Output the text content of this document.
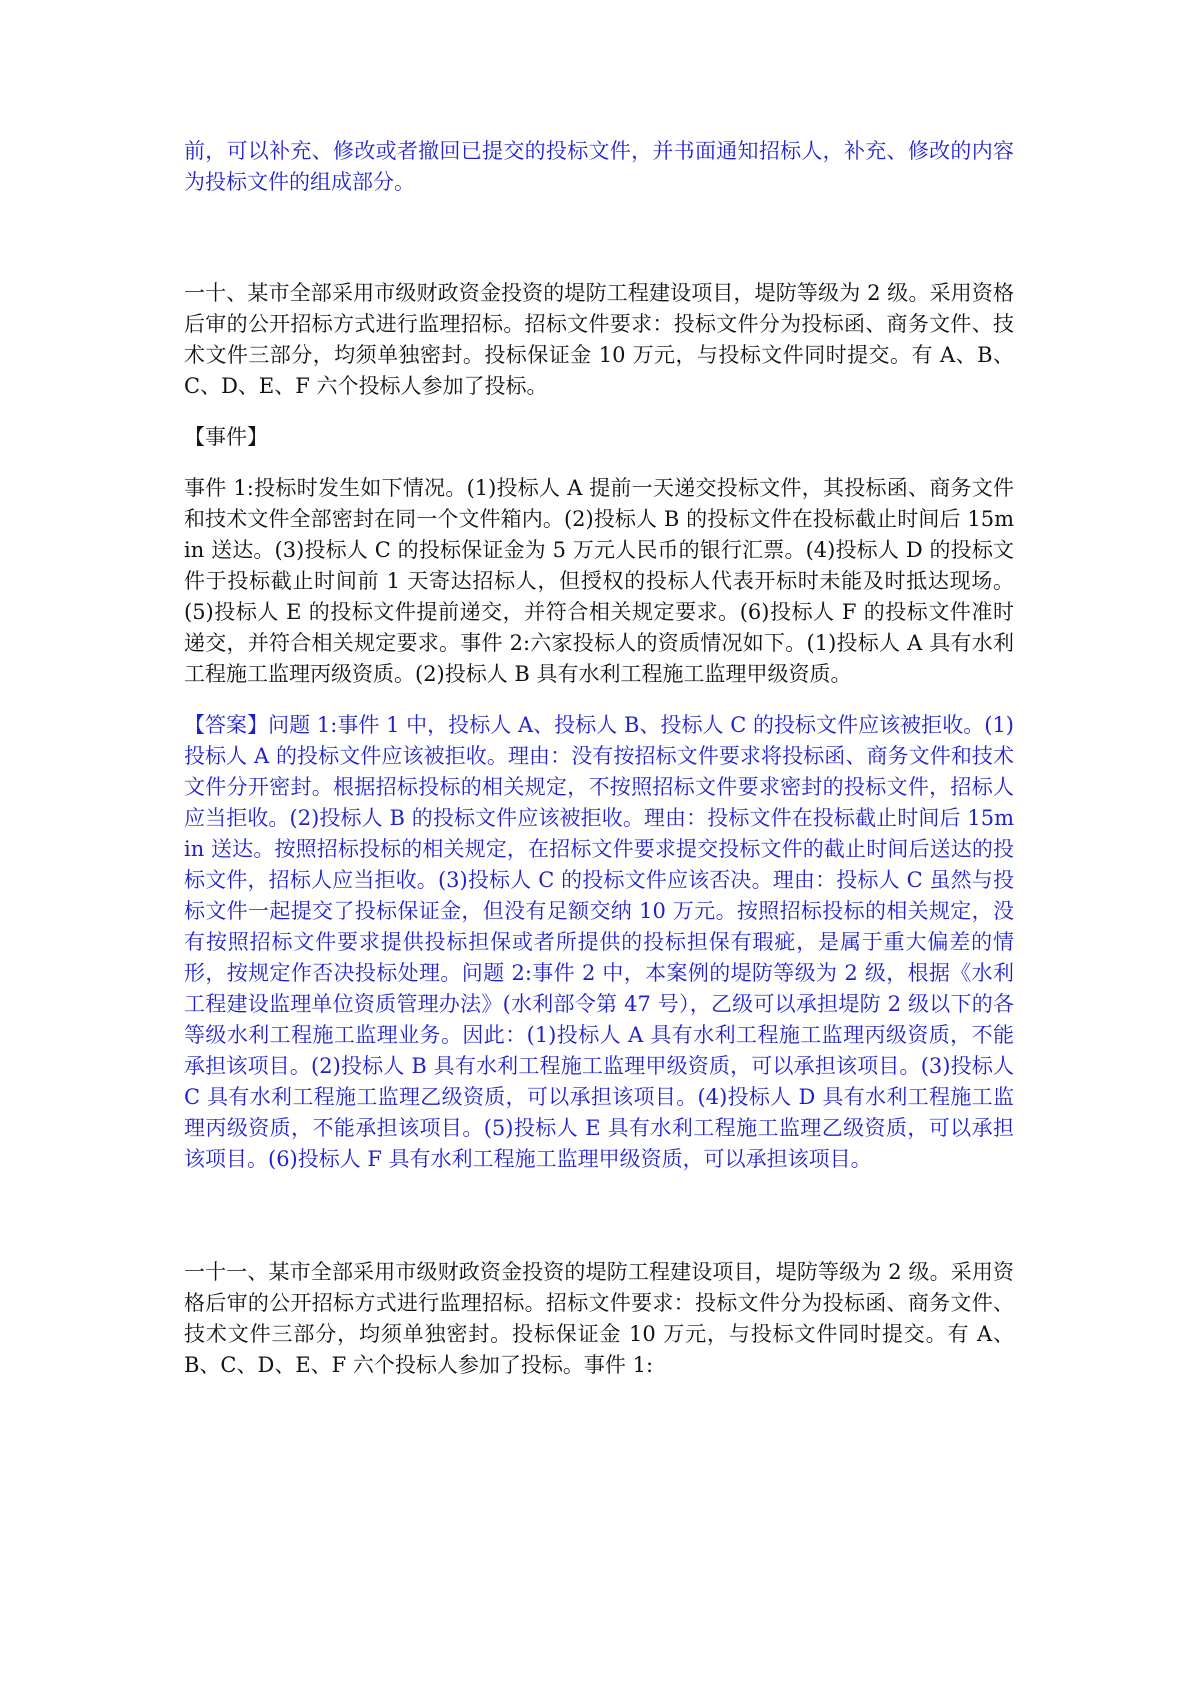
前，可以补充、修改或者撤回已提交的投标文件，并书面通知招标人，补充、修改的内容为投标文件的组成部分。

一十、某市全部采用市级财政资金投资的堤防工程建设项目，堤防等级为 2 级。采用资格后审的公开招标方式进行监理招标。招标文件要求：投标文件分为投标函、商务文件、技术文件三部分，均须单独密封。投标保证金 10 万元，与投标文件同时提交。有 A、B、C、D、E、F 六个投标人参加了投标。

【事件】

事件 1:投标时发生如下情况。(1)投标人 A 提前一天递交投标文件，其投标函、商务文件和技术文件全部密封在同一个文件箱内。(2)投标人 B 的投标文件在投标截止时间后 15min 送达。(3)投标人 C 的投标保证金为 5 万元人民币的银行汇票。(4)投标人 D 的投标文件于投标截止时间前 1 天寄达招标人，但授权的投标人代表开标时未能及时抵达现场。(5)投标人 E 的投标文件提前递交，并符合相关规定要求。(6)投标人 F 的投标文件准时递交，并符合相关规定要求。事件 2:六家投标人的资质情况如下。(1)投标人 A 具有水利工程施工监理丙级资质。(2)投标人 B 具有水利工程施工监理甲级资质。

【答案】问题 1:事件 1 中，投标人 A、投标人 B、投标人 C 的投标文件应该被拒收。(1)投标人 A 的投标文件应该被拒收。理由：没有按招标文件要求将投标函、商务文件和技术文件分开密封。根据招标投标的相关规定，不按照招标文件要求密封的投标文件，招标人应当拒收。(2)投标人 B 的投标文件应该被拒收。理由：投标文件在投标截止时间后 15min 送达。按照招标投标的相关规定，在招标文件要求提交投标文件的截止时间后送达的投标文件，招标人应当拒收。(3)投标人 C 的投标文件应该否决。理由：投标人 C 虽然与投标文件一起提交了投标保证金，但没有足额交纳 10 万元。按照招标投标的相关规定，没有按照招标文件要求提供投标担保或者所提供的投标担保有瑕疵，是属于重大偏差的情形，按规定作否决投标处理。问题 2:事件 2 中，本案例的堤防等级为 2 级，根据《水利工程建设监理单位资质管理办法》(水利部令第 47 号），乙级可以承担堤防 2 级以下的各等级水利工程施工监理业务。因此：(1)投标人 A 具有水利工程施工监理丙级资质，不能承担该项目。(2)投标人 B 具有水利工程施工监理甲级资质，可以承担该项目。(3)投标人 C 具有水利工程施工监理乙级资质，可以承担该项目。(4)投标人 D 具有水利工程施工监理丙级资质，不能承担该项目。(5)投标人 E 具有水利工程施工监理乙级资质，可以承担该项目。(6)投标人 F 具有水利工程施工监理甲级资质，可以承担该项目。

一十一、某市全部采用市级财政资金投资的堤防工程建设项目，堤防等级为 2 级。采用资格后审的公开招标方式进行监理招标。招标文件要求：投标文件分为投标函、商务文件、技术文件三部分，均须单独密封。投标保证金 10 万元，与投标文件同时提交。有 A、B、C、D、E、F 六个投标人参加了投标。事件 1:
